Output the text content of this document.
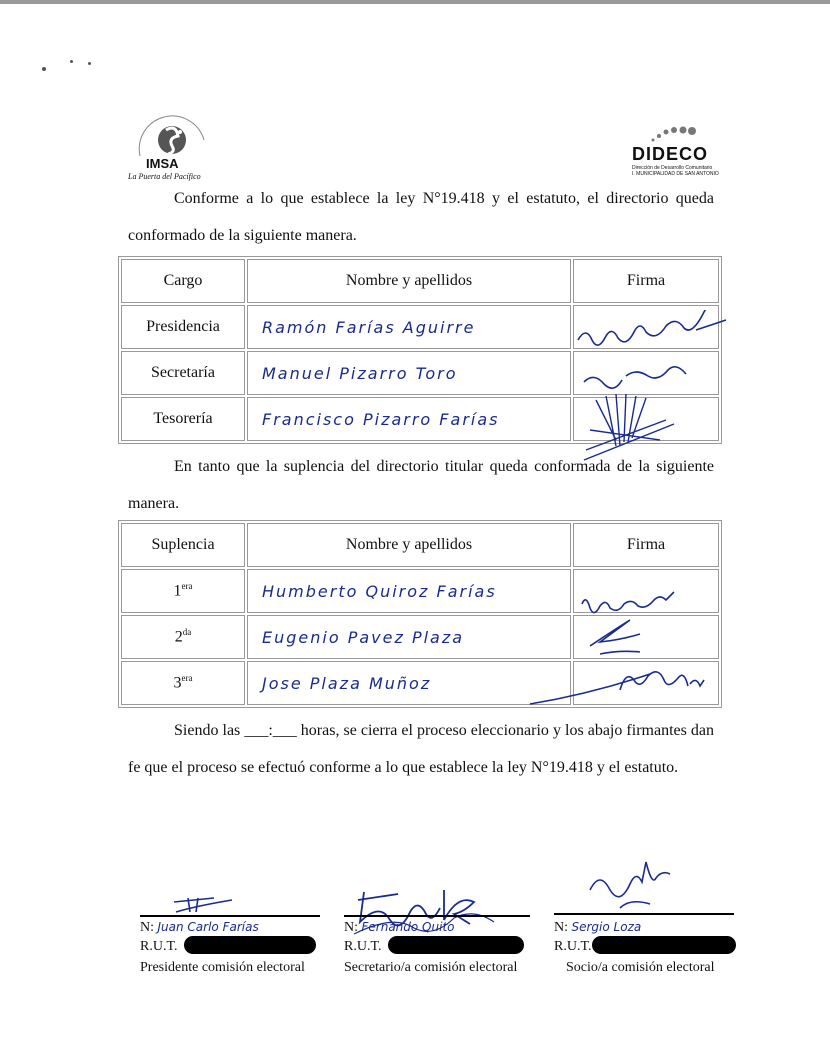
IMSA
La Puerta del Pacífico
DIDECO
Dirección de Desarrollo Comunitario
I. MUNICIPALIDAD DE SAN ANTONIO
Conforme a lo que establece la ley N°19.418 y el estatuto, el directorio queda conformado de la siguiente manera.
Cargo	Nombre y apellidos	Firma
Presidencia	Ramón Farías Aguirre	
Secretaría	Manuel Pizarro Toro	
Tesorería	Francisco Pizarro Farías	
En tanto que la suplencia del directorio titular queda conformada de la siguiente manera.
Suplencia	Nombre y apellidos	Firma
$1^{era}$	Humberto Quiroz Farías	
$2^{da}$	Eugenio Pavez Plaza	
$3^{era}$	Jose Plaza Muñoz	
Siendo las ___:___ horas, se cierra el proceso eleccionario y los abajo firmantes dan fe que el proceso se efectuó conforme a lo que establece la ley N°19.418 y el estatuto.
N: Juan Carlo Farías
R.U.T.
Presidente comisión electoral
N: Fernando Quito
R.U.T.
Secretario/a comisión electoral
N: Sergio Loza
R.U.T.
Socio/a comisión electoral
